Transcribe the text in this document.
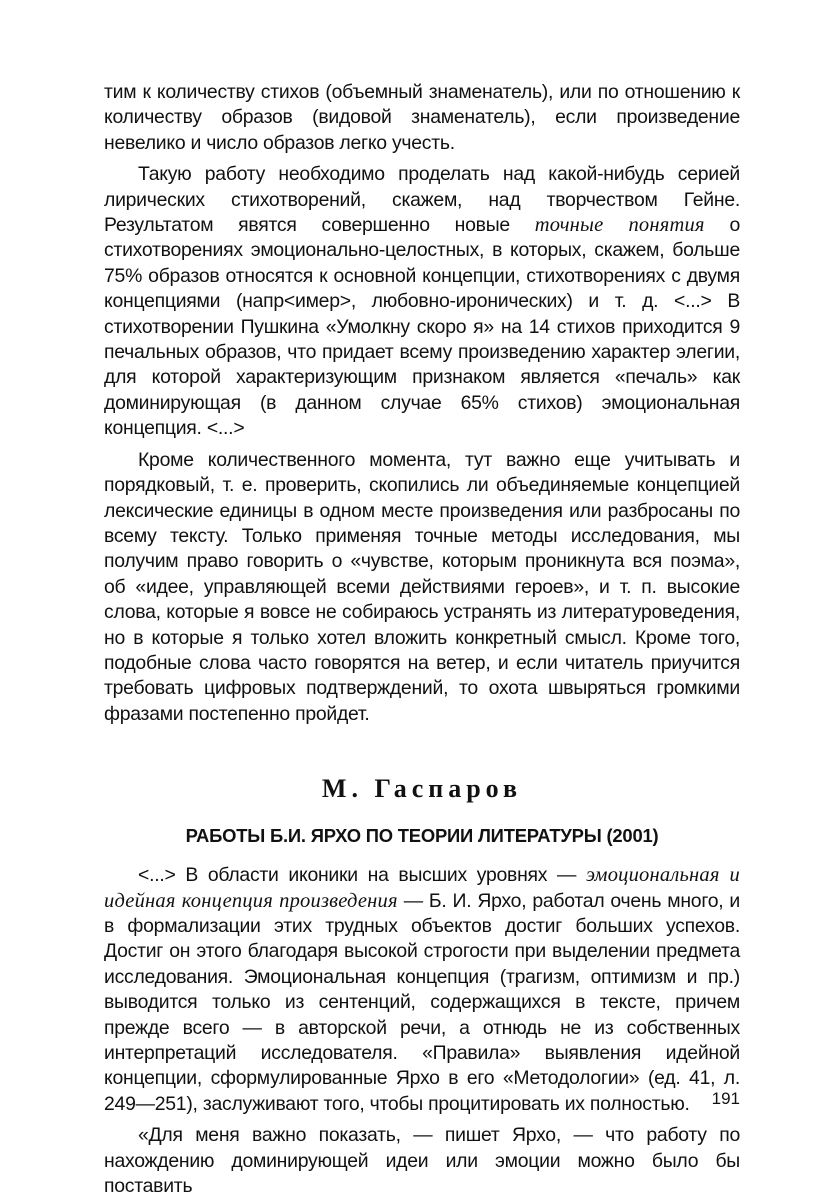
тим к количеству стихов (объемный знаменатель), или по отношению к количеству образов (видовой знаменатель), если произведение невелико и число образов легко учесть.

Такую работу необходимо проделать над какой-нибудь серией лирических стихотворений, скажем, над творчеством Гейне. Результатом явятся совершенно новые точные понятия о стихотворениях эмоционально-целостных, в которых, скажем, больше 75% образов относятся к основной концепции, стихотворениях с двумя концепциями (напр<имер>, любовно-иронических) и т. д. <...> В стихотворении Пушкина «Умолкну скоро я» на 14 стихов приходится 9 печальных образов, что придает всему произведению характер элегии, для которой характеризующим признаком является «печаль» как доминирующая (в данном случае 65% стихов) эмоциональная концепция. <...>

Кроме количественного момента, тут важно еще учитывать и порядковый, т. е. проверить, скопились ли объединяемые концепцией лексические единицы в одном месте произведения или разбросаны по всему тексту. Только применяя точные методы исследования, мы получим право говорить о «чувстве, которым проникнута вся поэма», об «идее, управляющей всеми действиями героев», и т. п. высокие слова, которые я вовсе не собираюсь устранять из литературоведения, но в которые я только хотел вложить конкретный смысл. Кроме того, подобные слова часто говорятся на ветер, и если читатель приучится требовать цифровых подтверждений, то охота швыряться громкими фразами постепенно пройдет.

М. Гаспаров
РАБОТЫ Б.И. ЯРХО ПО ТЕОРИИ ЛИТЕРАТУРЫ (2001)

<...> В области иконики на высших уровнях — эмоциональная и идейная концепция произведения — Б. И. Ярхо, работал очень много, и в формализации этих трудных объектов достиг больших успехов. Достиг он этого благодаря высокой строгости при выделении предмета исследования. Эмоциональная концепция (трагизм, оптимизм и пр.) выводится только из сентенций, содержащихся в тексте, причем прежде всего — в авторской речи, а отнюдь не из собственных интерпретаций исследователя. «Правила» выявления идейной концепции, сформулированные Ярхо в его «Методологии» (ед. 41, л. 249—251), заслуживают того, чтобы процитировать их полностью.

«Для меня важно показать, — пишет Ярхо, — что работу по нахождению доминирующей идеи или эмоции можно было бы поставить

191
